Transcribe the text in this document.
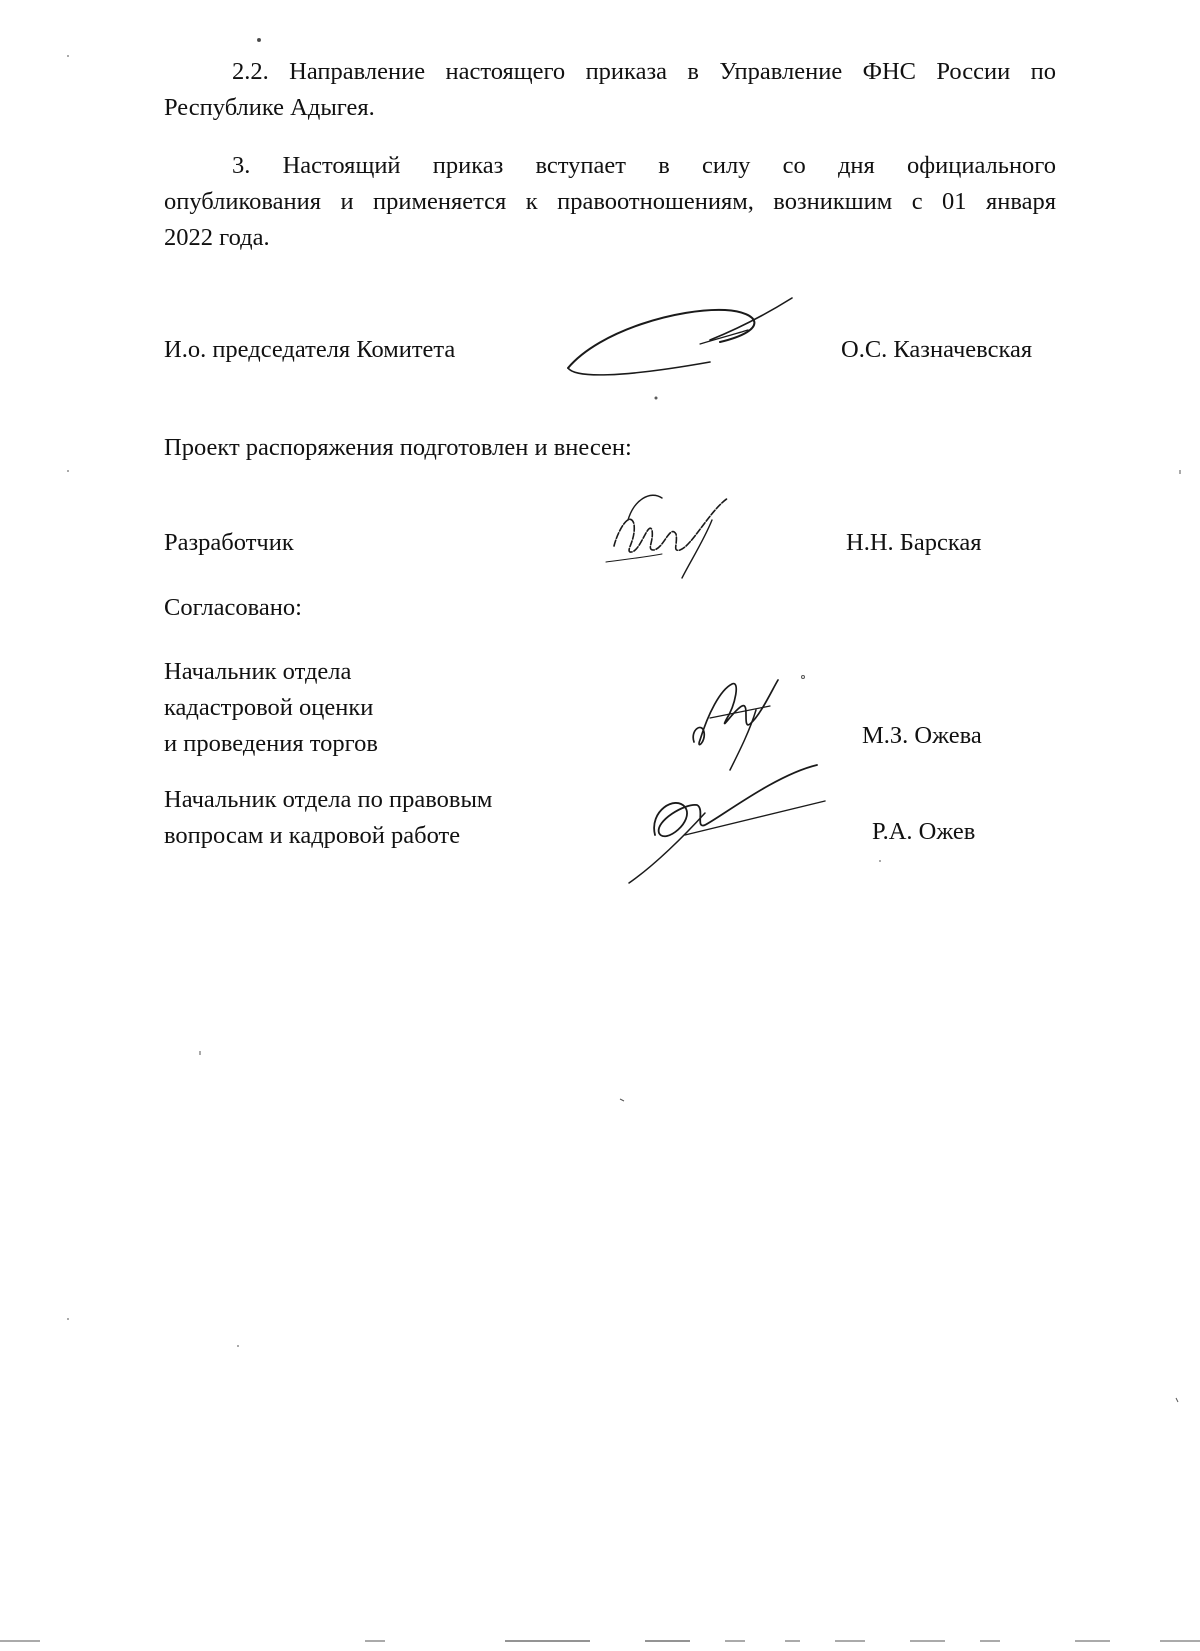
2.2. Направление настоящего приказа в Управление ФНС России по
Республике Адыгея.
3. Настоящий приказ вступает в силу со дня официального
опубликования и применяется к правоотношениям, возникшим с 01 января
2022 года.

И.о. председателя Комитета	О.С. Казначевская

Проект распоряжения подготовлен и внесен:

Разработчик	Н.Н. Барская

Согласовано:

Начальник отдела
кадастровой оценки
и проведения торгов	М.З. Ожева

Начальник отдела по правовым
вопросам и кадровой работе	Р.А. Ожев
